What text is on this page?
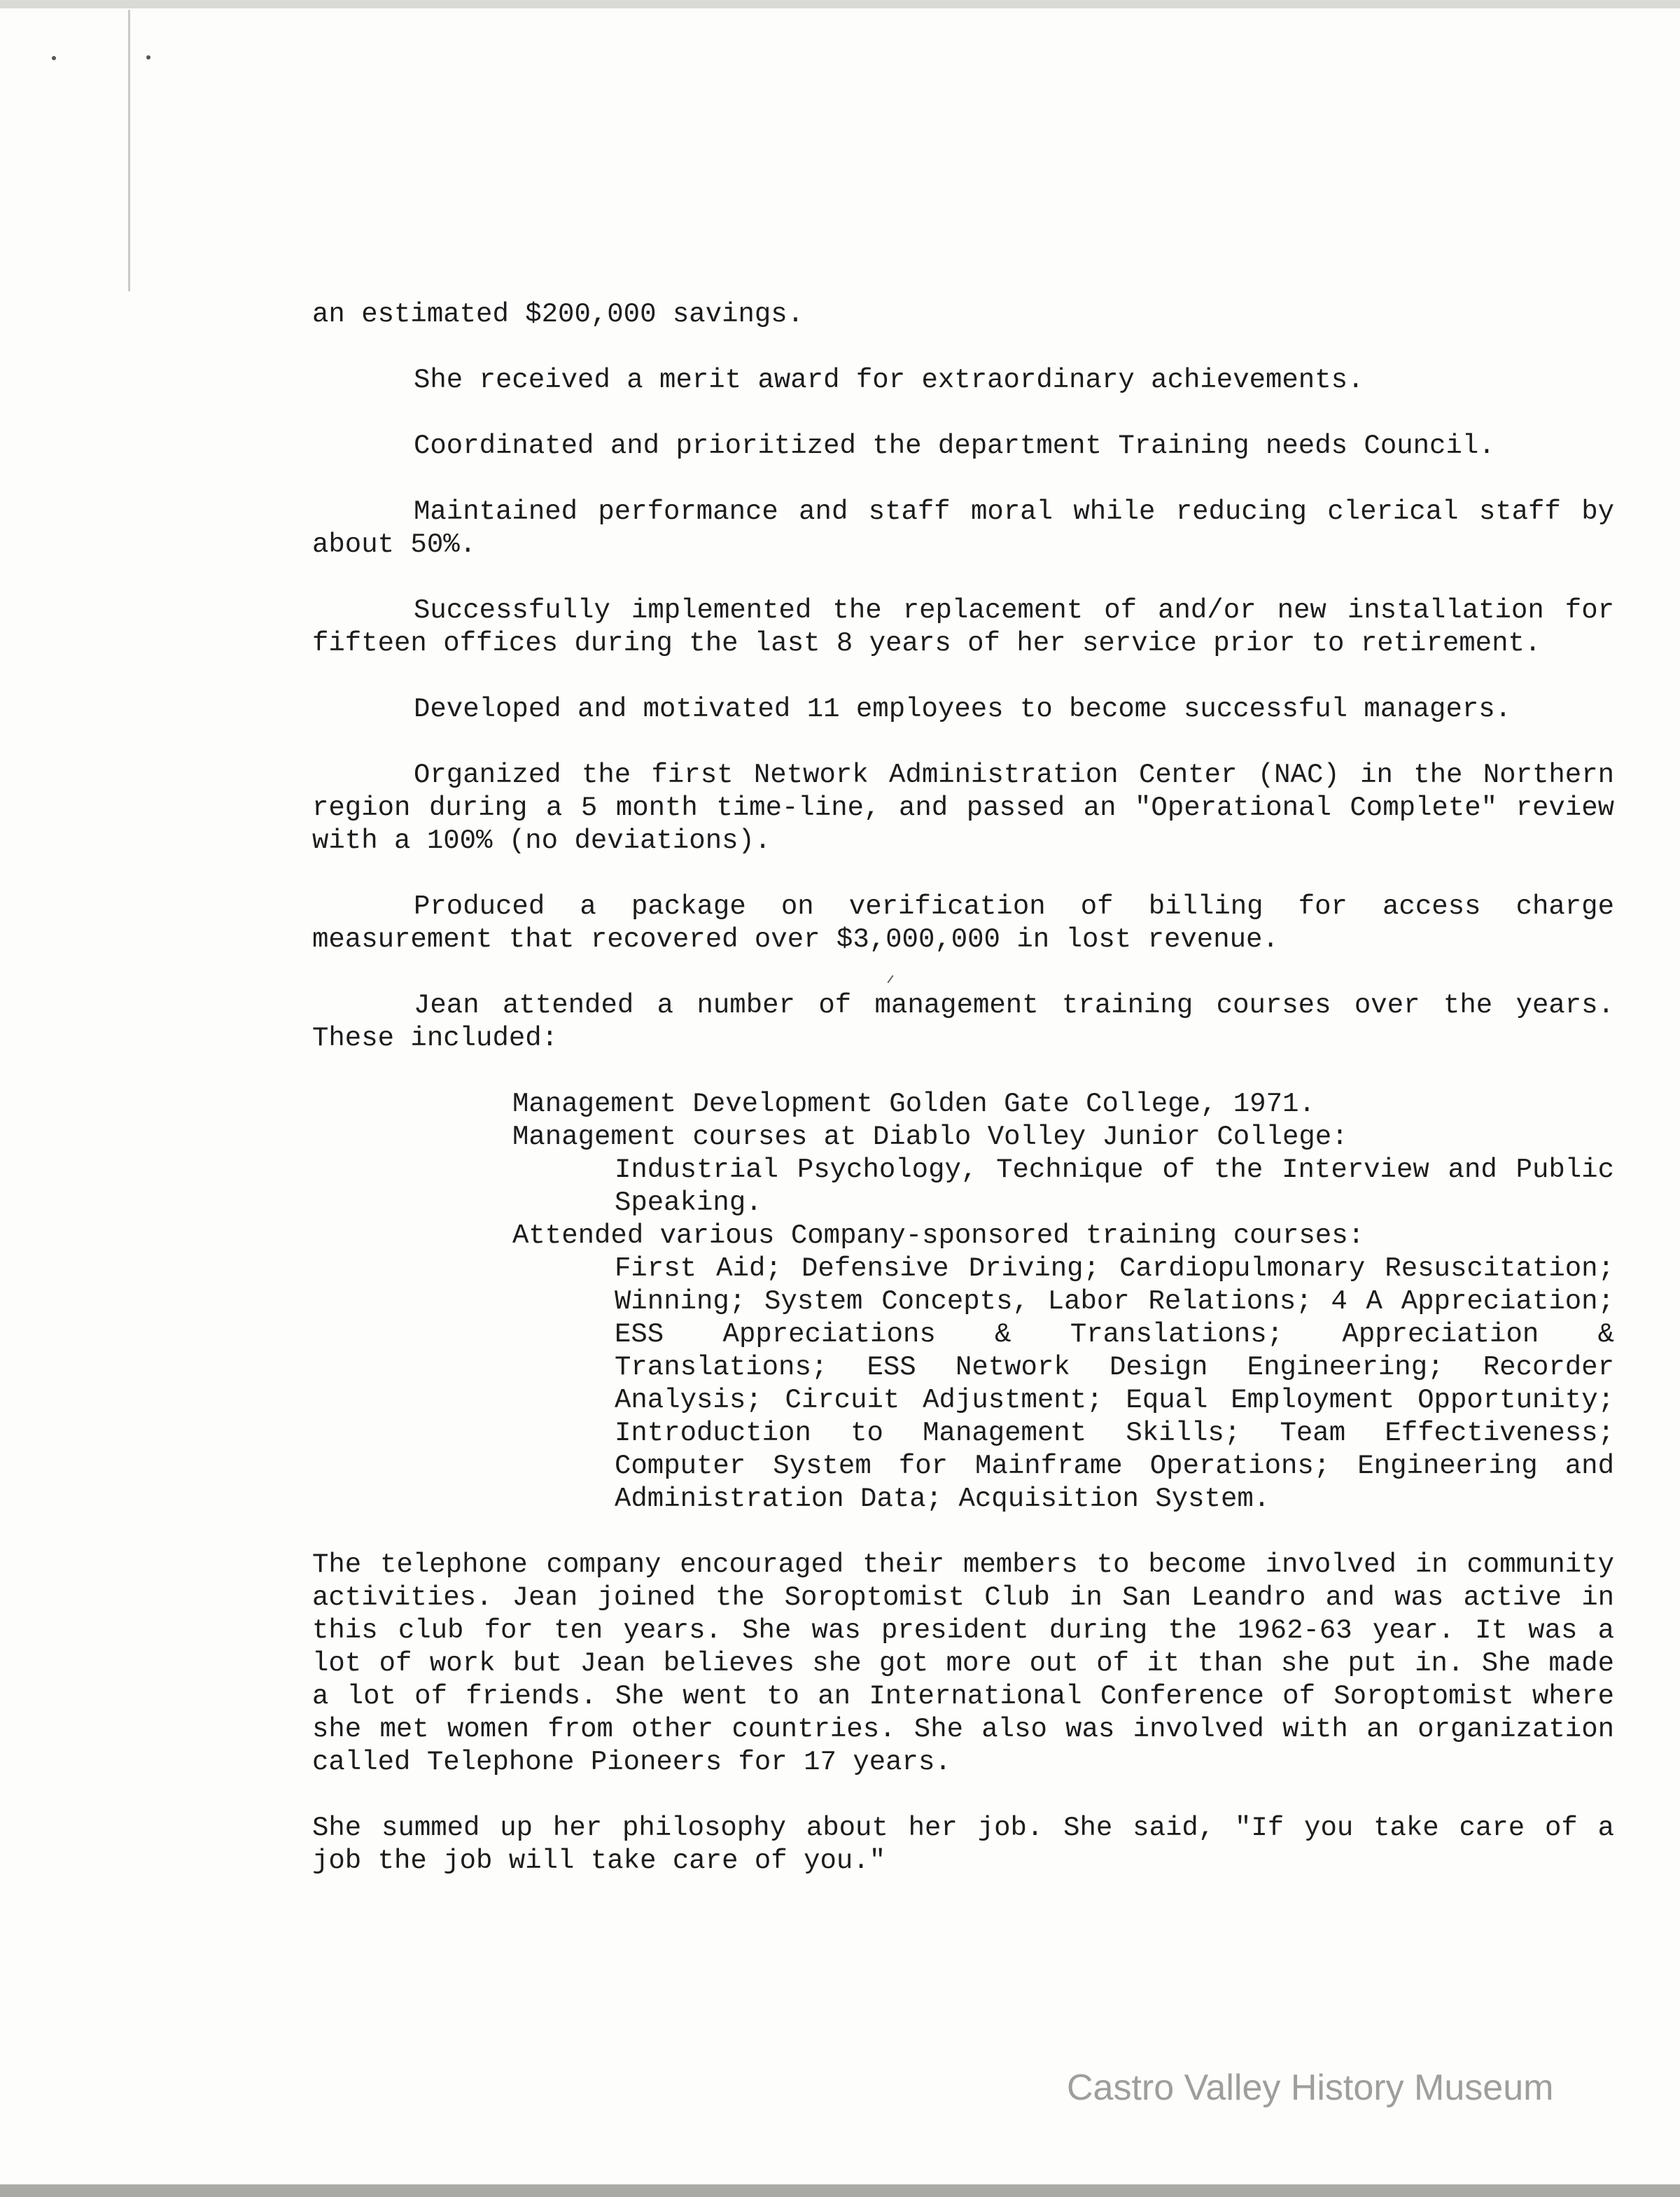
an estimated $200,000 savings.

She received a merit award for extraordinary achievements.

Coordinated and prioritized the department Training needs Council.

Maintained performance and staff moral while reducing clerical staff by about 50%.

Successfully implemented the replacement of and/or new installation for fifteen offices during the last 8 years of her service prior to retirement.

Developed and motivated 11 employees to become successful managers.

Organized the first Network Administration Center (NAC) in the Northern region during a 5 month time-line, and passed an "Operational Complete" review with a 100% (no deviations).

Produced a package on verification of billing for access charge measurement that recovered over $3,000,000 in lost revenue.

Jean attended a number of management training courses over the years. These included:

Management Development Golden Gate College, 1971.
Management courses at Diablo Volley Junior College:
Industrial Psychology, Technique of the Interview and Public Speaking.
Attended various Company-sponsored training courses:
First Aid; Defensive Driving; Cardiopulmonary Resuscitation; Winning; System Concepts, Labor Relations; 4 A Appreciation; ESS Appreciations & Translations; Appreciation & Translations; ESS Network Design Engineering; Recorder Analysis; Circuit Adjustment; Equal Employment Opportunity; Introduction to Management Skills; Team Effectiveness; Computer System for Mainframe Operations; Engineering and Administration Data; Acquisition System.

The telephone company encouraged their members to become involved in community activities. Jean joined the Soroptomist Club in San Leandro and was active in this club for ten years. She was president during the 1962-63 year. It was a lot of work but Jean believes she got more out of it than she put in. She made a lot of friends. She went to an International Conference of Soroptomist where she met women from other countries. She also was involved with an organization called Telephone Pioneers for 17 years.

She summed up her philosophy about her job. She said, "If you take care of a job the job will take care of you."

Castro Valley History Museum
